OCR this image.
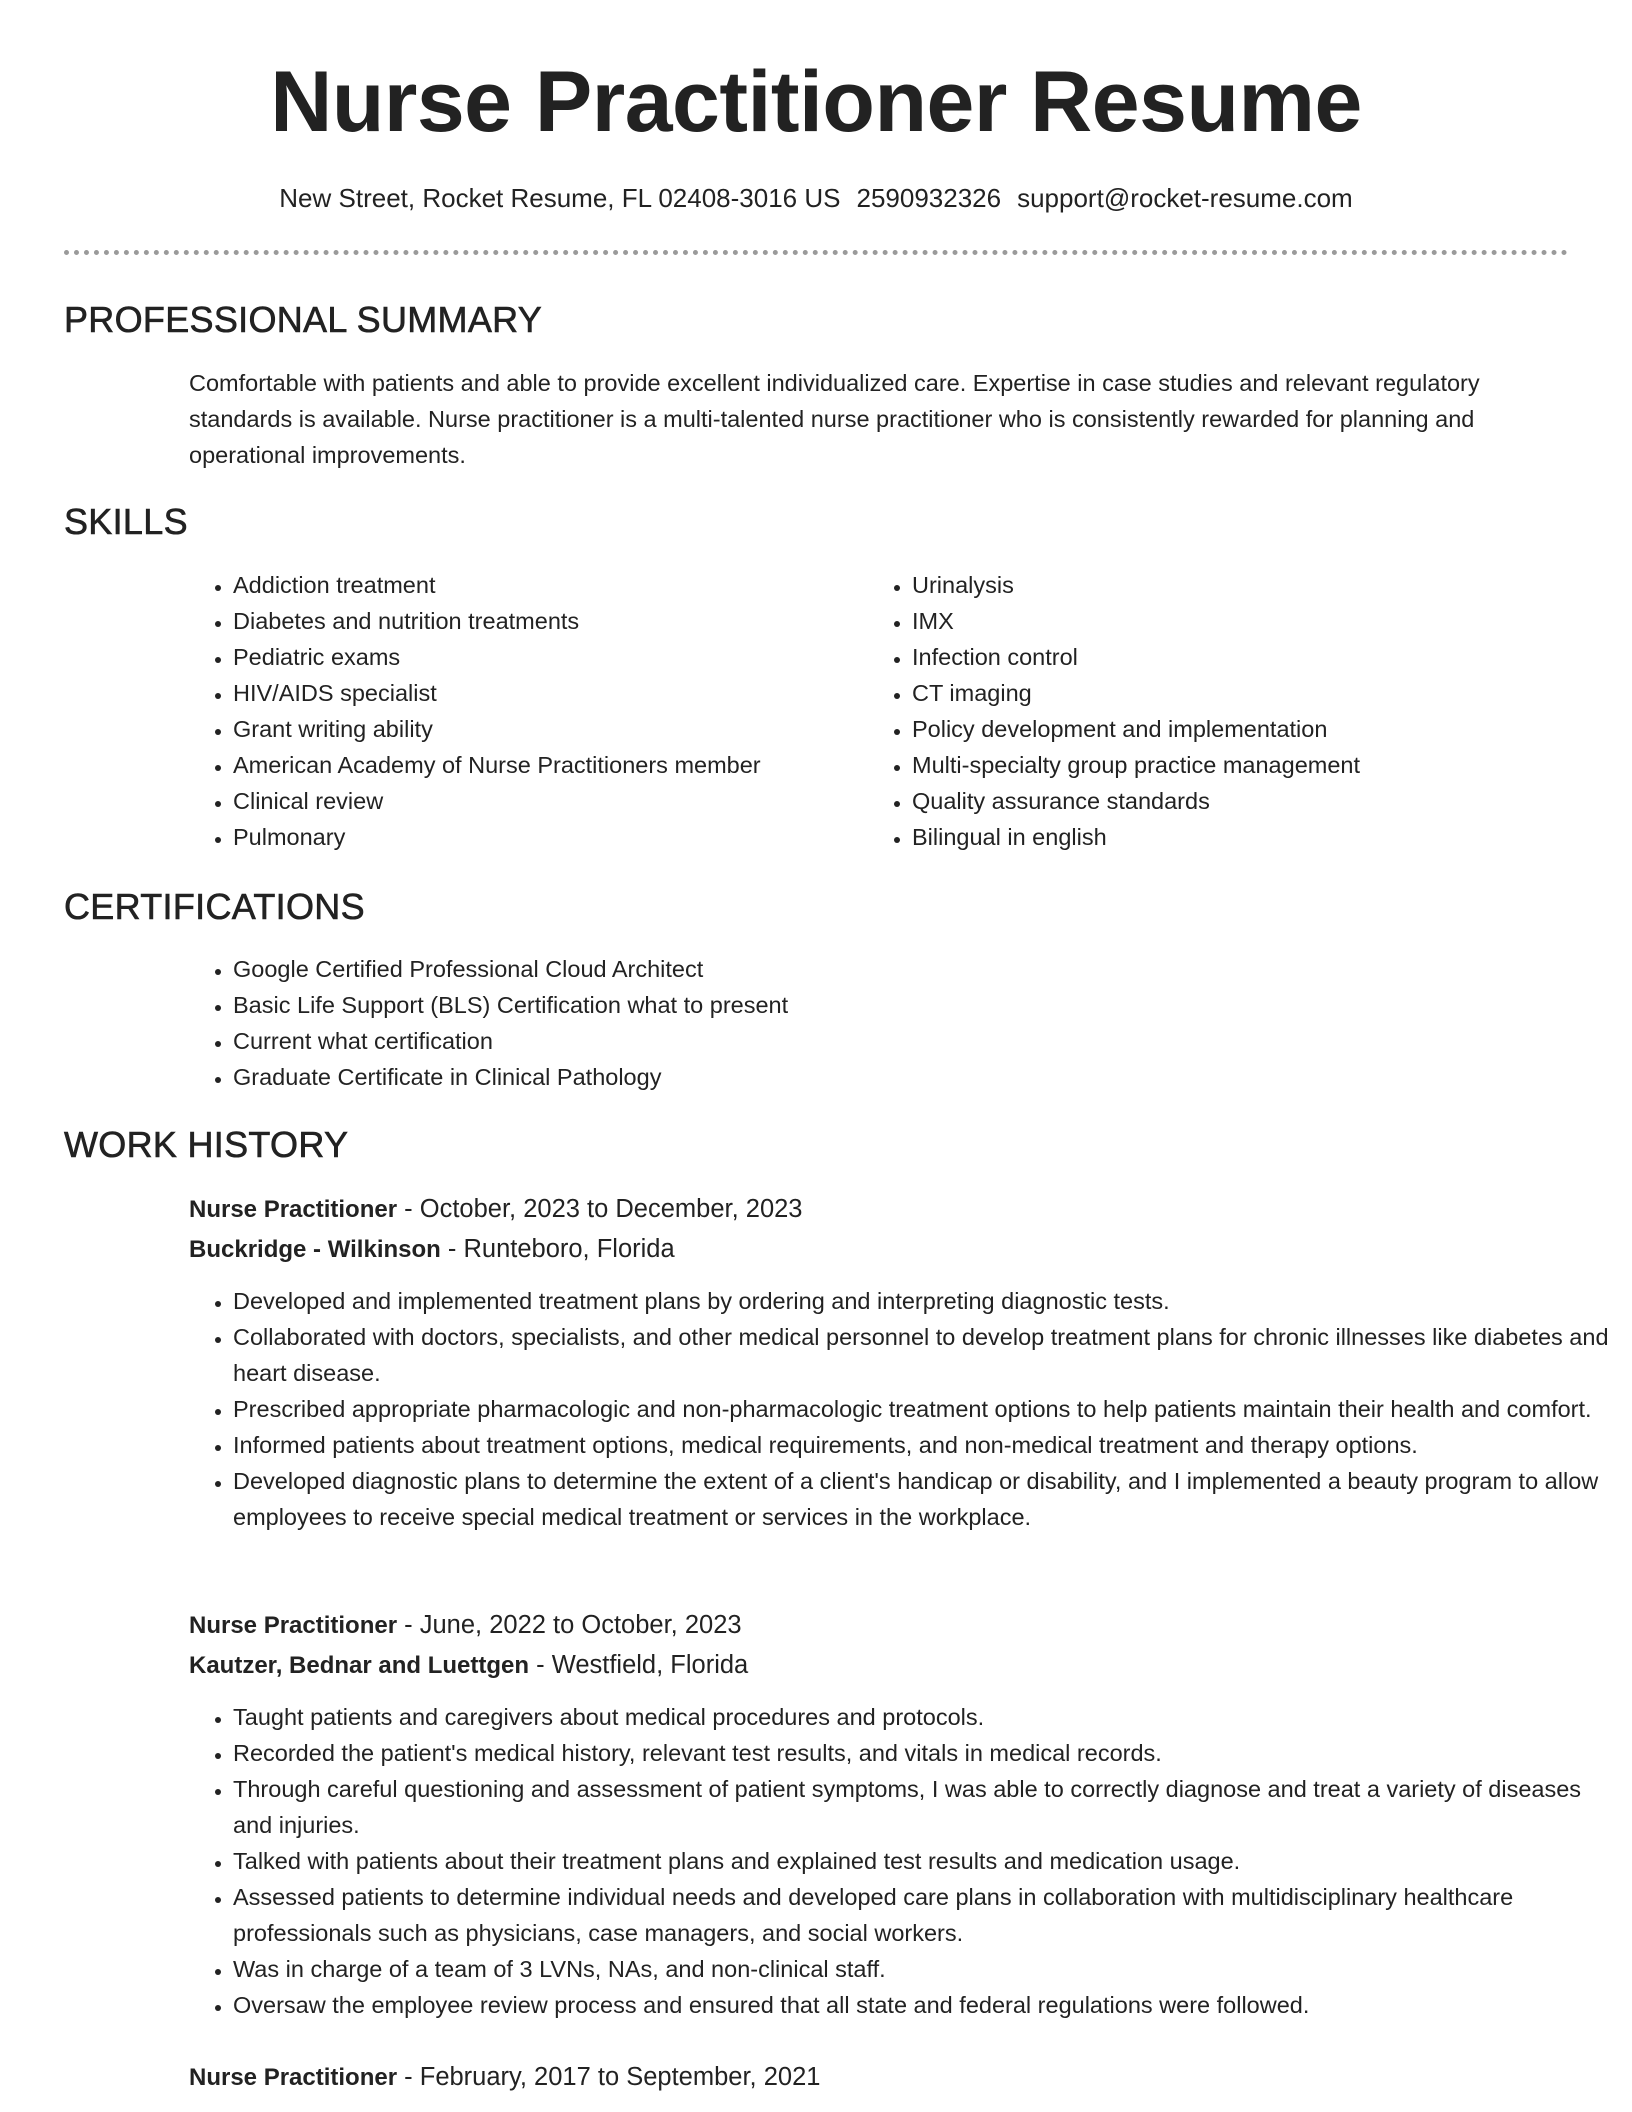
Nurse Practitioner Resume
New Street, Rocket Resume, FL 02408-3016 US 2590932326 support@rocket-resume.com
PROFESSIONAL SUMMARY
Comfortable with patients and able to provide excellent individualized care. Expertise in case studies and relevant regulatory standards is available. Nurse practitioner is a multi-talented nurse practitioner who is consistently rewarded for planning and operational improvements.
SKILLS
• Addiction treatment
• Diabetes and nutrition treatments
• Pediatric exams
• HIV/AIDS specialist
• Grant writing ability
• American Academy of Nurse Practitioners member
• Clinical review
• Pulmonary
• Urinalysis
• IMX
• Infection control
• CT imaging
• Policy development and implementation
• Multi-specialty group practice management
• Quality assurance standards
• Bilingual in english
CERTIFICATIONS
• Google Certified Professional Cloud Architect
• Basic Life Support (BLS) Certification what to present
• Current what certification
• Graduate Certificate in Clinical Pathology
WORK HISTORY
Nurse Practitioner - October, 2023 to December, 2023
Buckridge - Wilkinson - Runteboro, Florida
• Developed and implemented treatment plans by ordering and interpreting diagnostic tests.
• Collaborated with doctors, specialists, and other medical personnel to develop treatment plans for chronic illnesses like diabetes and heart disease.
• Prescribed appropriate pharmacologic and non-pharmacologic treatment options to help patients maintain their health and comfort.
• Informed patients about treatment options, medical requirements, and non-medical treatment and therapy options.
• Developed diagnostic plans to determine the extent of a client's handicap or disability, and I implemented a beauty program to allow employees to receive special medical treatment or services in the workplace.
Nurse Practitioner - June, 2022 to October, 2023
Kautzer, Bednar and Luettgen - Westfield, Florida
• Taught patients and caregivers about medical procedures and protocols.
• Recorded the patient's medical history, relevant test results, and vitals in medical records.
• Through careful questioning and assessment of patient symptoms, I was able to correctly diagnose and treat a variety of diseases and injuries.
• Talked with patients about their treatment plans and explained test results and medication usage.
• Assessed patients to determine individual needs and developed care plans in collaboration with multidisciplinary healthcare professionals such as physicians, case managers, and social workers.
• Was in charge of a team of 3 LVNs, NAs, and non-clinical staff.
• Oversaw the employee review process and ensured that all state and federal regulations were followed.
Nurse Practitioner - February, 2017 to September, 2021
